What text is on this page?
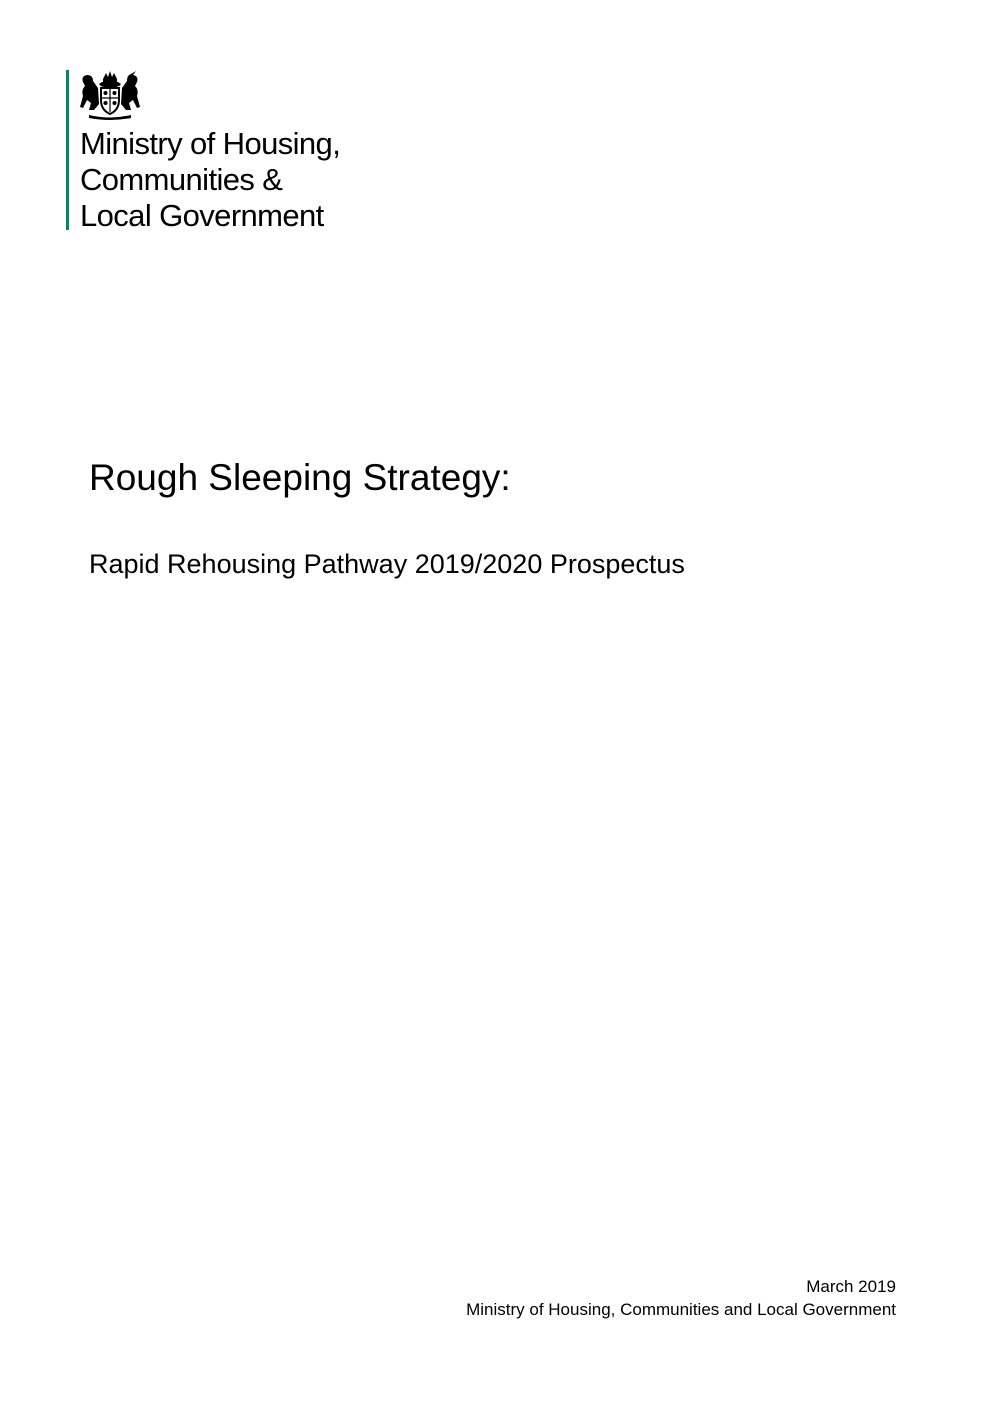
Ministry of Housing,
Communities &
Local Government
Rough Sleeping Strategy:
Rapid Rehousing Pathway 2019/2020 Prospectus
March 2019
Ministry of Housing, Communities and Local Government
